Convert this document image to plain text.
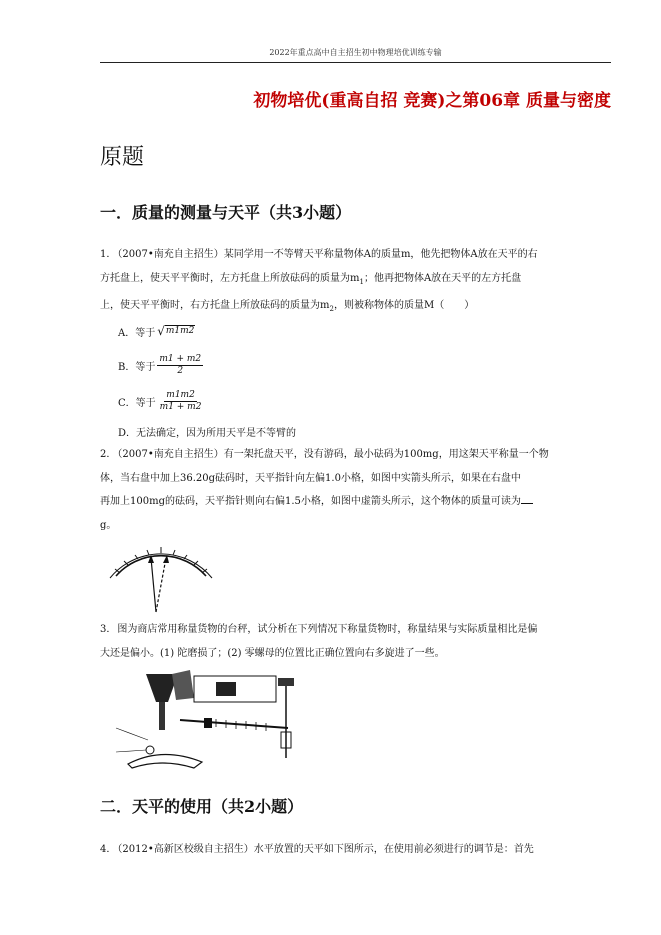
2022年重点高中自主招生初中物理培优训练专输
初物培优(重高自招 竞赛)之第06章 质量与密度
原题
一．质量的测量与天平（共3小题）
1．（2007•南充自主招生）某同学用一不等臂天平称量物体A的质量m，他先把物体A放在天平的右
方托盘上，使天平平衡时，左方托盘上所放砝码的质量为$m_1$；他再把物体A放在天平的左方托盘
上，使天平平衡时，右方托盘上所放砝码的质量为$m_2$，则被称物体的质量M（　　）
A．等于 √ m1m2
B．等于 $\frac{m1 + m2}{2}$
C．等于 $\frac{m1m2}{m1 + m2}$
D．无法确定，因为所用天平是不等臂的
2．（2007•南充自主招生）有一架托盘天平，没有游码，最小砝码为100mg，用这架天平称量一个物
体，当右盘中加上36.20g砝码时，天平指针向左偏1.0小格，如图中实箭头所示，如果在右盘中
再加上100mg的砝码，天平指针则向右偏1.5小格，如图中虚箭头所示，这个物体的质量可读为
g。
3．图为商店常用称量货物的台秤，试分析在下列情况下称量货物时，称量结果与实际质量相比是偏
大还是偏小。(1) 陀磨损了；(2) 零螺母的位置比正确位置向右多旋进了一些。
二．天平的使用（共2小题）
4．（2012•高新区校级自主招生）水平放置的天平如下图所示，在使用前必须进行的调节是：首先
